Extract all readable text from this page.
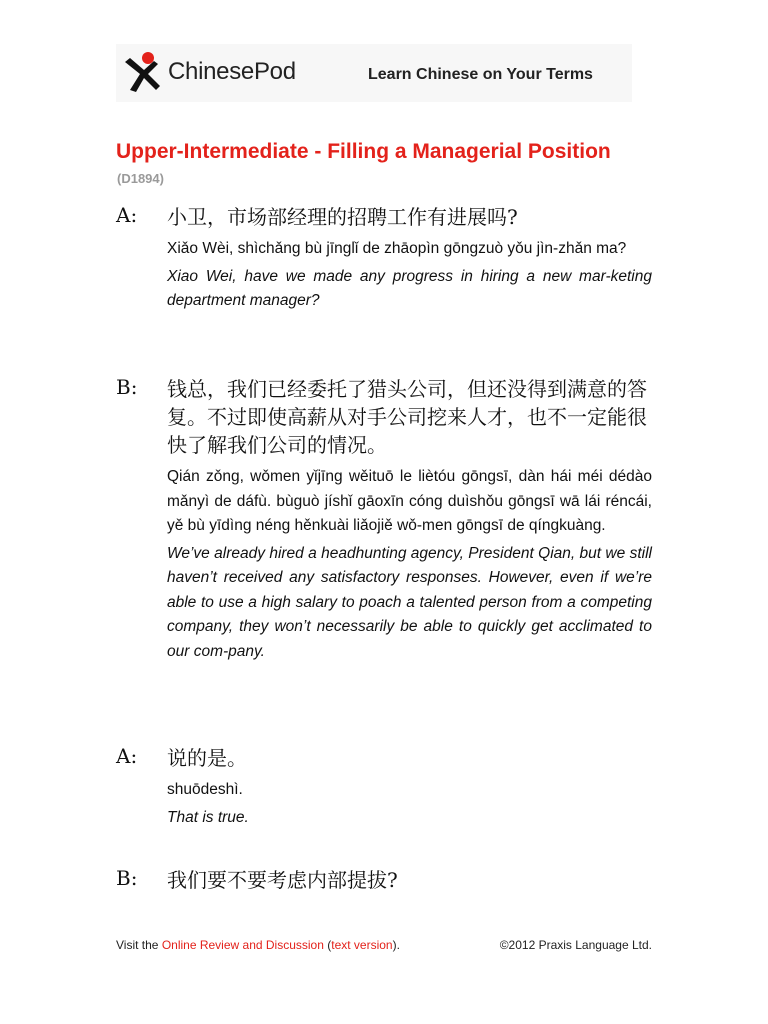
ChinesePod	Learn Chinese on Your Terms
Upper-Intermediate - Filling a Managerial Position
(D1894)
A: 小卫，市场部经理的招聘工作有进展吗?
Xiǎo Wèi, shìchǎng bù jīnglǐ de zhāopìn gōngzuò yǒu jìn-zhǎn ma?
Xiao Wei, have we made any progress in hiring a new mar-keting department manager?
B: 钱总，我们已经委托了猎头公司，但还没得到满意的答复。不过即使高薪从对手公司挖来人才，也不一定能很快了解我们公司的情况。
Qián zǒng, wǒmen yǐjīng wěituō le liètóu gōngsī, dàn hái méi dédào mǎnyì de dáfù. bùguò jíshǐ gāoxīn cóng duìshǒu gōngsī wā lái réncái, yě bù yīdìng néng hěnkuài liǎojiě wǒ-men gōngsī de qíngkuàng.
We’ve already hired a headhunting agency, President Qian, but we still haven’t received any satisfactory responses. However, even if we’re able to use a high salary to poach a talented person from a competing company, they won’t necessarily be able to quickly get acclimated to our com-pany.
A: 说的是。
shuōdeshì.
That is true.
B: 我们要不要考虑内部提拔?
Visit the Online Review and Discussion (text version).	©2012 Praxis Language Ltd.
